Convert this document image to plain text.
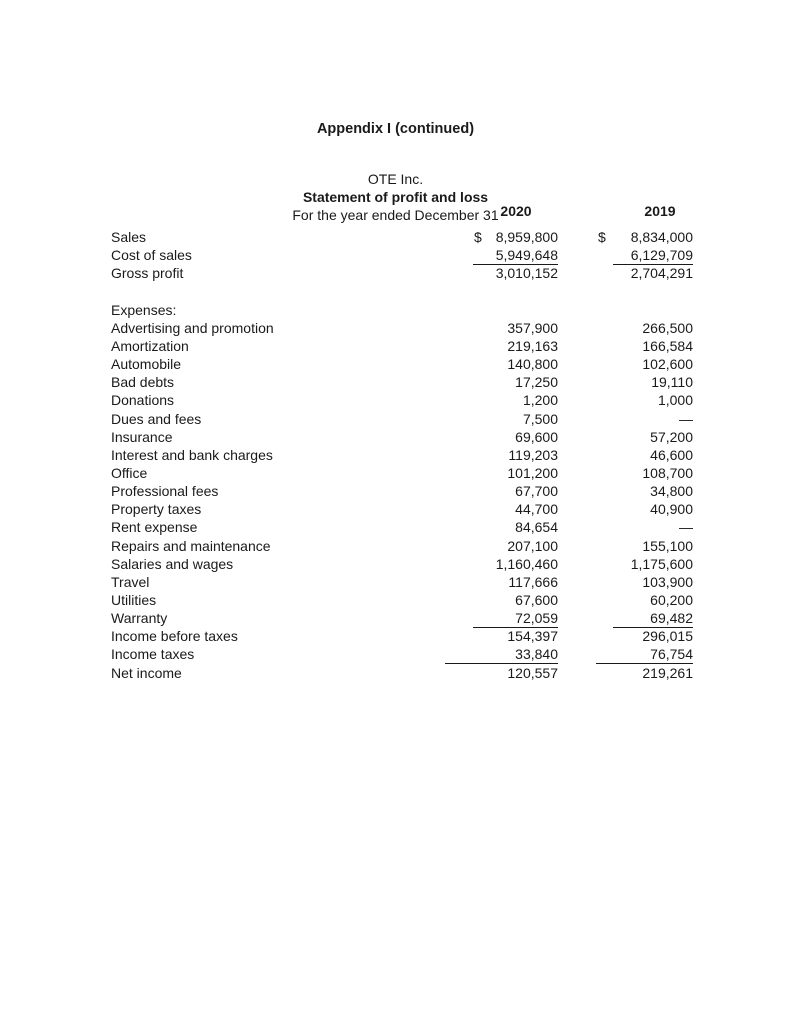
Appendix I (continued)
OTE Inc.
Statement of profit and loss
For the year ended December 31 2020	2019
Sales	$ 8,959,800	$ 8,834,000
Cost of sales	5,949,648	6,129,709
Gross profit	3,010,152	2,704,291
Expenses:
Advertising and promotion	357,900	266,500
Amortization	219,163	166,584
Automobile	140,800	102,600
Bad debts	17,250	19,110
Donations	1,200	1,000
Dues and fees	7,500	—
Insurance	69,600	57,200
Interest and bank charges	119,203	46,600
Office	101,200	108,700
Professional fees	67,700	34,800
Property taxes	44,700	40,900
Rent expense	84,654	—
Repairs and maintenance	207,100	155,100
Salaries and wages	1,160,460	1,175,600
Travel	117,666	103,900
Utilities	67,600	60,200
Warranty	72,059	69,482
Income before taxes	154,397	296,015
Income taxes	33,840	76,754
Net income	120,557	219,261
